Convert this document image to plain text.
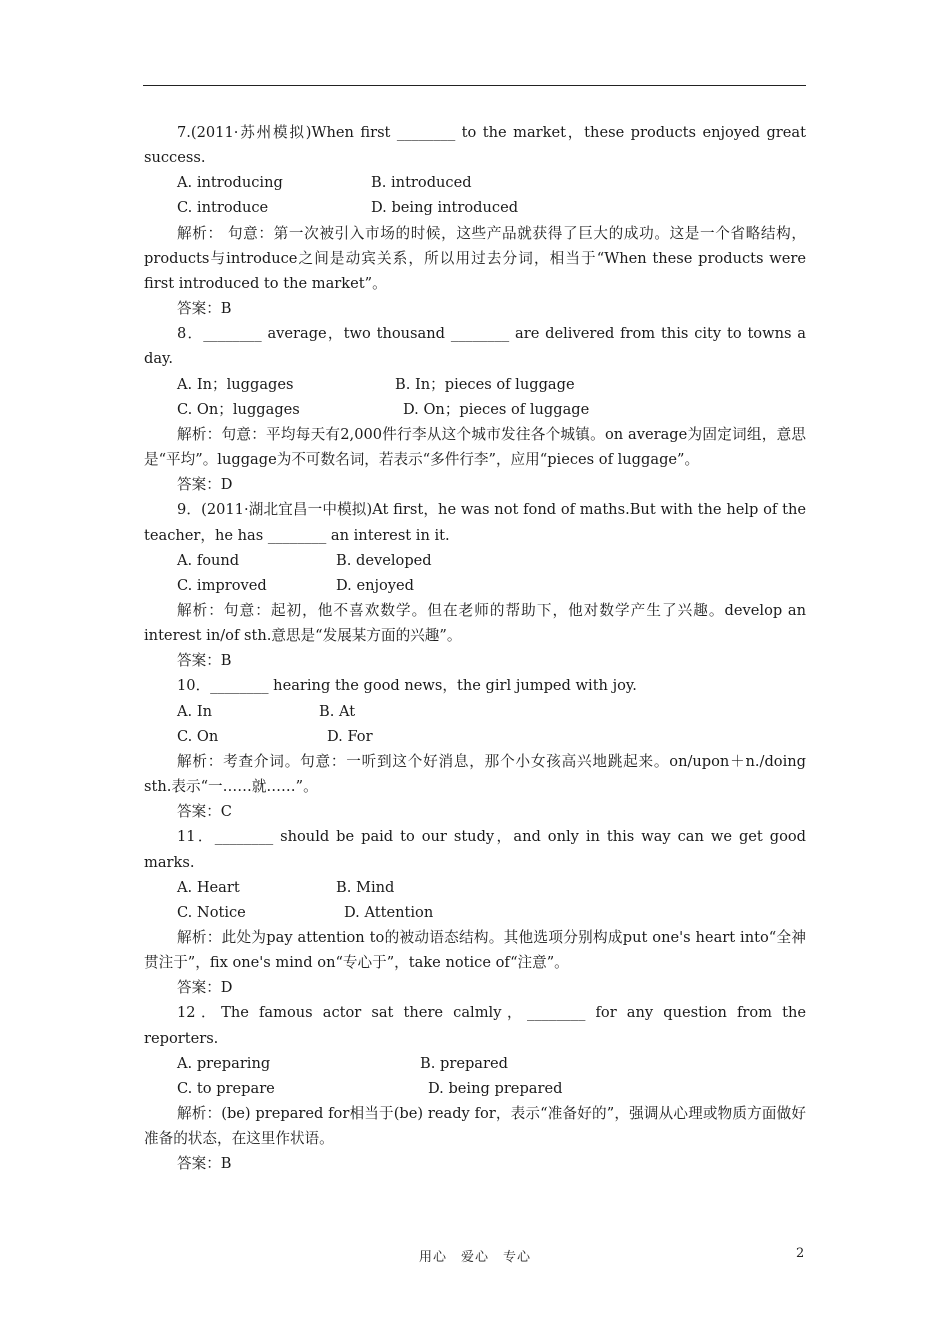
7.(2011·苏州模拟)When first ________ to the market，these products enjoyed great success.

A. introducing	B. introduced
C. introduce	D. being introduced

解析： 句意：第一次被引入市场的时候，这些产品就获得了巨大的成功。这是一个省略结构，products与introduce之间是动宾关系，所以用过去分词，相当于“When these products were first introduced to the market”。

答案：B

8．________ average，two thousand ________ are delivered from this city to towns a day.

A. In；luggages	B. In；pieces of luggage
C. On；luggages	D. On；pieces of luggage

解析：句意：平均每天有2,000件行李从这个城市发往各个城镇。on average为固定词组，意思是“平均”。luggage为不可数名词，若表示“多件行李”，应用“pieces of luggage”。

答案：D

9．(2011·湖北宜昌一中模拟)At first，he was not fond of maths.But with the help of the teacher，he has ________ an interest in it.

A. found	B. developed
C. improved	D. enjoyed

解析：句意：起初，他不喜欢数学。但在老师的帮助下，他对数学产生了兴趣。develop an interest in/of sth.意思是“发展某方面的兴趣”。

答案：B

10．________ hearing the good news，the girl jumped with joy.

A. In	B. At
C. On	D. For

解析：考查介词。句意：一听到这个好消息，那个小女孩高兴地跳起来。on/upon＋n./doing sth.表示“一……就……”。

答案：C

11．________ should be paid to our study，and only in this way can we get good marks.

A. Heart	B. Mind
C. Notice	D. Attention

解析：此处为pay attention to的被动语态结构。其他选项分别构成put one's heart into“全神贯注于”，fix one's mind on“专心于”，take notice of“注意”。

答案：D

12．The famous actor sat there calmly，________ for any question from the reporters.

A. preparing	B. prepared
C. to prepare	D. being prepared

解析：(be) prepared for相当于(be) ready for，表示“准备好的”，强调从心理或物质方面做好准备的状态，在这里作状语。

答案：B

用心　爱心　专心	2
